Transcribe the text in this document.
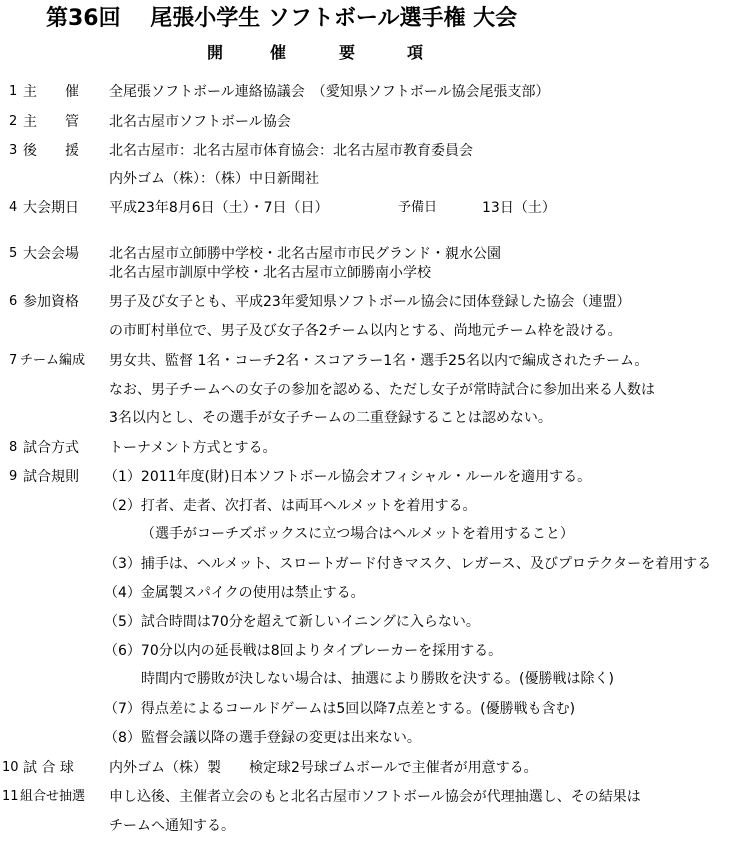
第36回　 尾張小学生 ソフトボール選手権 大会
開	催	要	項
1 主　　催 全尾張ソフトボール連絡協議会　（愛知県ソフトボール協会尾張支部）
2 主　　管 北名古屋市ソフトボール協会
3 後　　援 北名古屋市：北名古屋市体育協会：北名古屋市教育委員会
内外ゴム（株）：（株）中日新聞社
4 大会期日 平成23年8月6日（土）・7日（日）	予備日	13日（土）
5 大会会場 北名古屋市立師勝中学校・北名古屋市市民グランド・親水公園
北名古屋市訓原中学校・北名古屋市立師勝南小学校
6 参加資格 男子及び女子とも、平成23年愛知県ソフトボール協会に団体登録した協会（連盟）
の市町村単位で、男子及び女子各2チーム以内とする、尚地元チーム枠を設ける。
7 チーム編成 男女共、監督 1名・コーチ2名・スコアラー1名・選手25名以内で編成されたチーム。
なお、男子チームへの女子の参加を認める、ただし女子が常時試合に参加出来る人数は
3名以内とし、その選手が女子チームの二重登録することは認めない。
8 試合方式 トーナメント方式とする。
9 試合規則 （1）2011年度(財)日本ソフトボール協会オフィシャル・ルールを適用する。
（2）打者、走者、次打者、は両耳ヘルメットを着用する。
（選手がコーチズボックスに立つ場合はヘルメットを着用すること）
（3）捕手は、ヘルメット、スロートガード付きマスク、レガース、及びプロテクターを着用する
（4）金属製スパイクの使用は禁止する。
（5）試合時間は70分を超えて新しいイニングに入らない。
（6）70分以内の延長戦は8回よりタイブレーカーを採用する。
時間内で勝敗が決しない場合は、抽選により勝敗を決する。(優勝戦は除く)
（7）得点差によるコールドゲームは5回以降7点差とする。(優勝戦も含む)
（8）監督会議以降の選手登録の変更は出来ない。
10 試 合 球	内外ゴム（株）製　　検定球2号球ゴムボールで主催者が用意する。
11 組合せ抽選 申し込後、主催者立会のもと北名古屋市ソフトボール協会が代理抽選し、その結果は
チームへ通知する。
